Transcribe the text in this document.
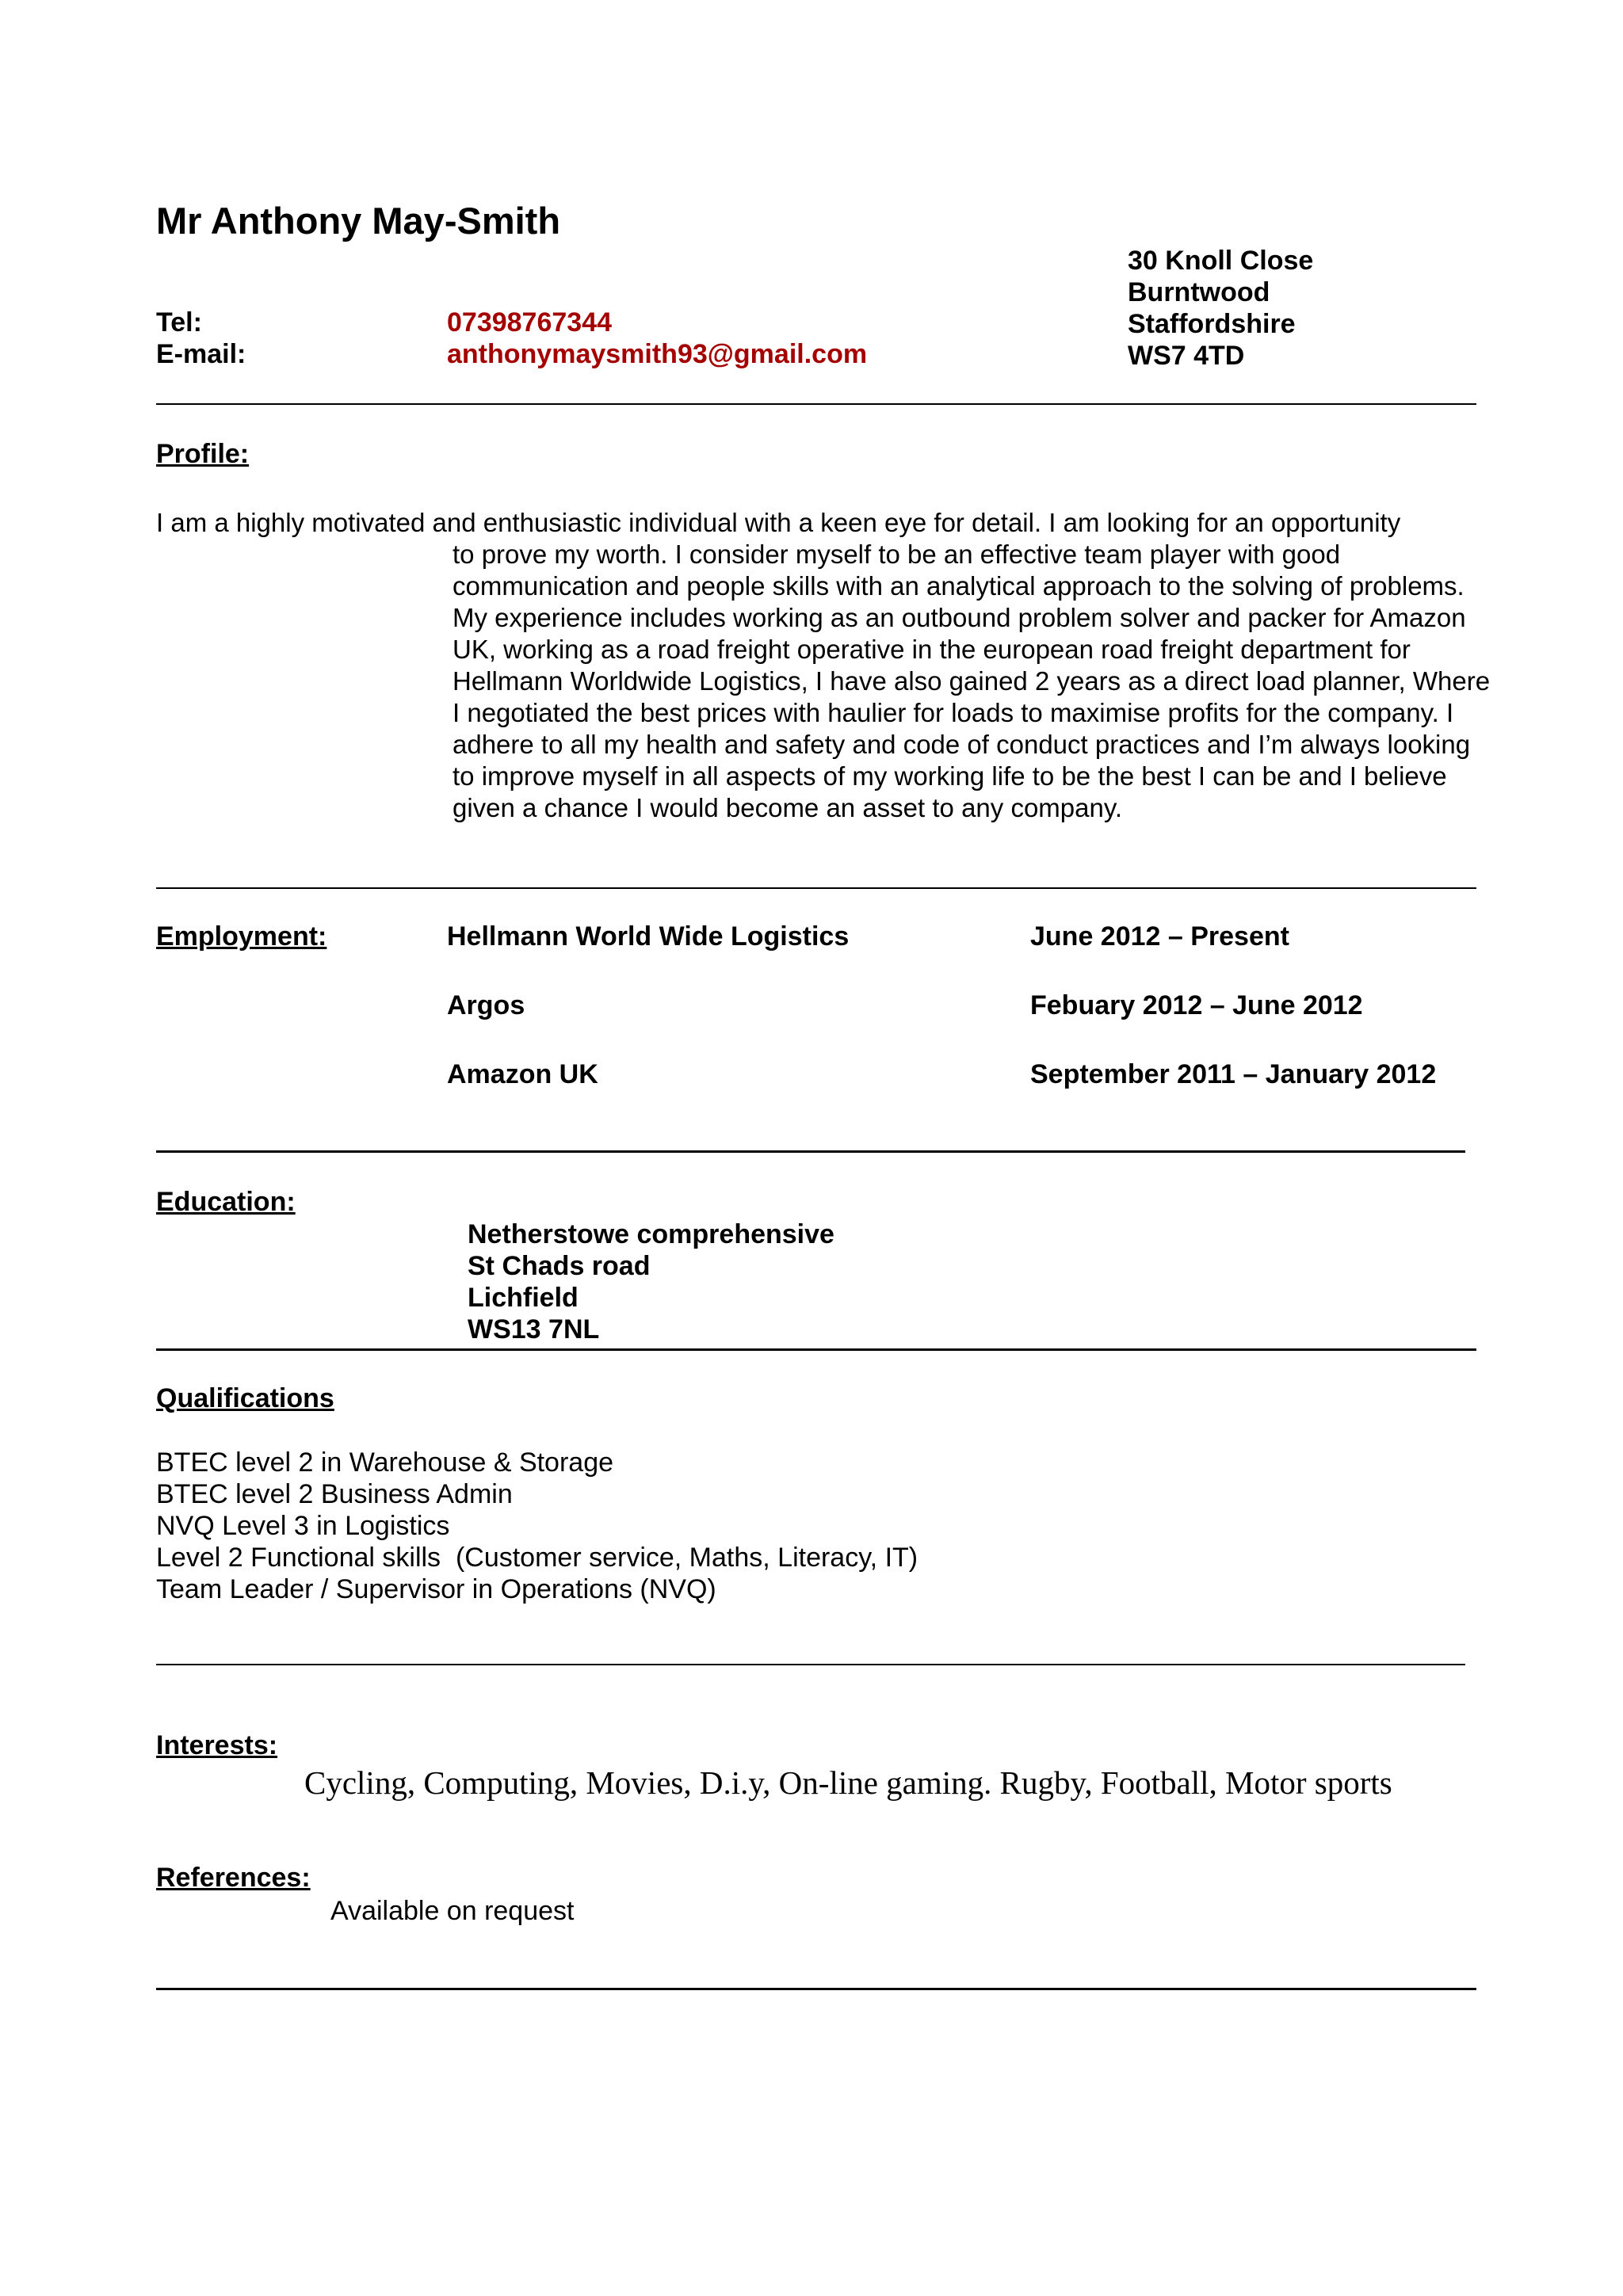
Mr Anthony May-Smith
30 Knoll Close
Burntwood
Staffordshire
WS7 4TD
Tel:	07398767344
E-mail:	anthonymaysmith93@gmail.com
Profile:
I am a highly motivated and enthusiastic individual with a keen eye for detail. I am looking for an opportunity
to prove my worth. I consider myself to be an effective team player with good communication and people skills with an analytical approach to the solving of problems. My experience includes working as an outbound problem solver and packer for Amazon UK, working as a road freight operative in the european road freight department for Hellmann Worldwide Logistics, I have also gained 2 years as a direct load planner, Where I negotiated the best prices with haulier for loads to maximise profits for the company. I adhere to all my health and safety and code of conduct practices and I’m always looking to improve myself in all aspects of my working life to be the best I can be and I believe given a chance I would become an asset to any company.
Employment:	Hellmann World Wide Logistics	June 2012 – Present
Argos	Febuary 2012 – June 2012
Amazon UK	September 2011 – January 2012
Education:
Netherstowe comprehensive
St Chads road
Lichfield
WS13 7NL
Qualifications
BTEC level 2 in Warehouse & Storage
BTEC level 2 Business Admin
NVQ Level 3 in Logistics
Level 2 Functional skills  (Customer service, Maths, Literacy, IT)
Team Leader / Supervisor in Operations (NVQ)
Interests:
Cycling, Computing, Movies, D.i.y, On-line gaming. Rugby, Football, Motor sports
References:
Available on request
